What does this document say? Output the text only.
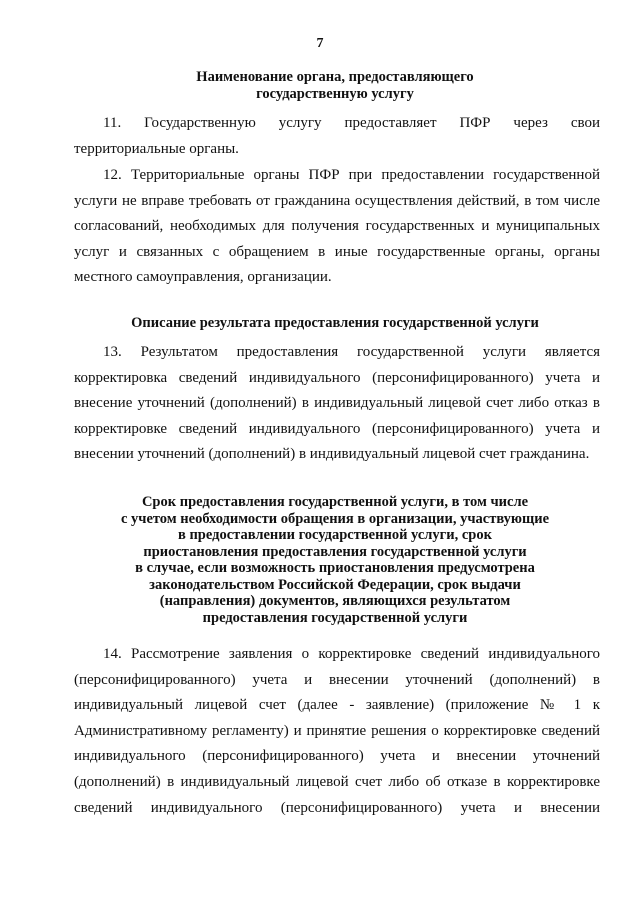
7
Наименование органа, предоставляющего
государственную услугу
11. Государственную услугу предоставляет ПФР через свои
территориальные органы.
12. Территориальные органы ПФР при предоставлении государственной
услуги не вправе требовать от гражданина осуществления действий, в том числе
согласований, необходимых для получения государственных и муниципальных
услуг и связанных с обращением в иные государственные органы, органы
местного самоуправления, организации.
Описание результата предоставления государственной услуги
13. Результатом предоставления государственной услуги является
корректировка сведений индивидуального (персонифицированного) учета и
внесение уточнений (дополнений) в индивидуальный лицевой счет либо отказ в
корректировке сведений индивидуального (персонифицированного) учета и
внесении уточнений (дополнений) в индивидуальный лицевой счет гражданина.
Срок предоставления государственной услуги, в том числе
с учетом необходимости обращения в организации, участвующие
в предоставлении государственной услуги, срок
приостановления предоставления государственной услуги
в случае, если возможность приостановления предусмотрена
законодательством Российской Федерации, срок выдачи
(направления) документов, являющихся результатом
предоставления государственной услуги
14. Рассмотрение заявления о корректировке сведений индивидуального
(персонифицированного) учета и внесении уточнений (дополнений) в
индивидуальный лицевой счет (далее - заявление) (приложение № 1 к
Административному регламенту) и принятие решения о корректировке сведений
индивидуального (персонифицированного) учета и внесении уточнений
(дополнений) в индивидуальный лицевой счет либо об отказе в корректировке
сведений индивидуального (персонифицированного) учета и внесении
